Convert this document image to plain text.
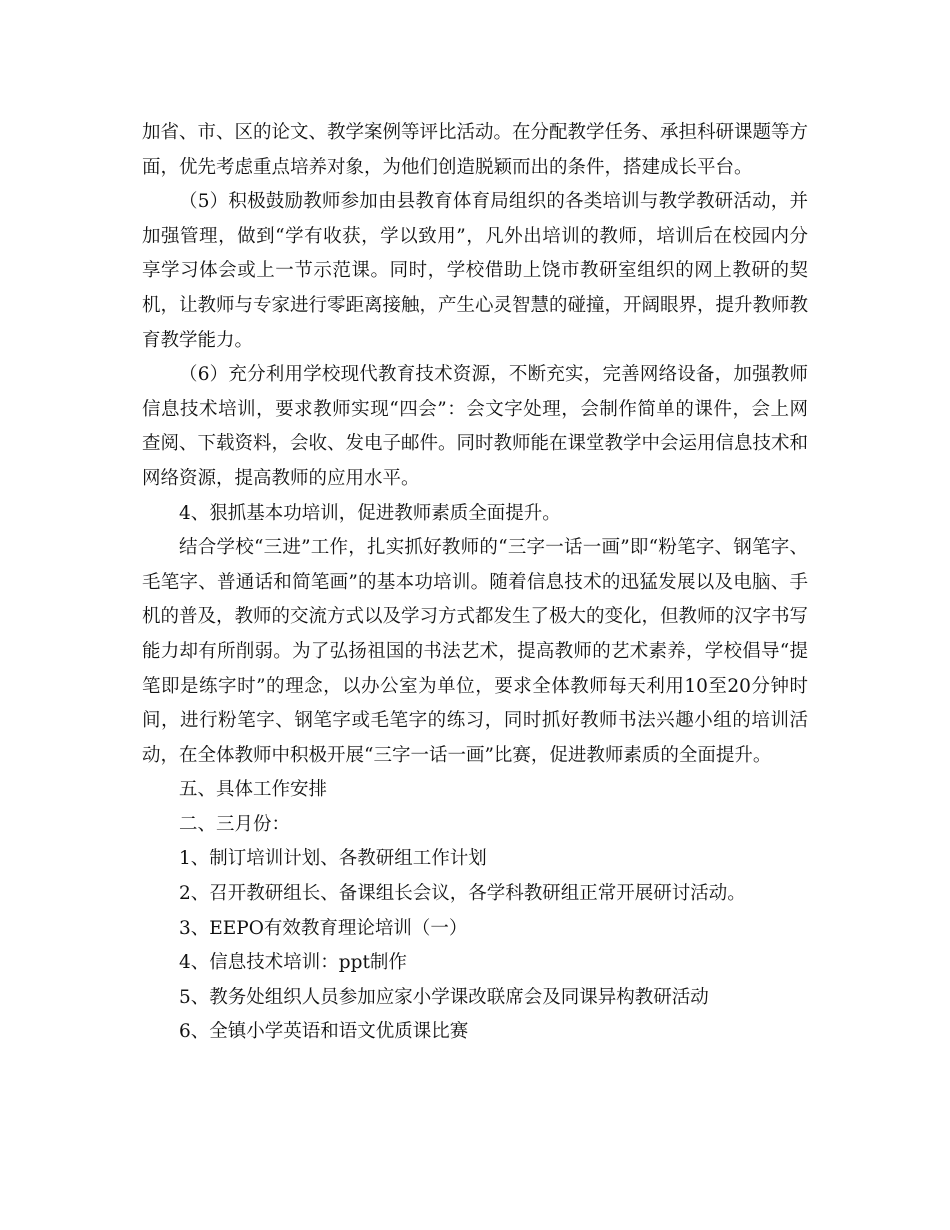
加省、市、区的论文、教学案例等评比活动。在分配教学任务、承担科研课题等方面，优先考虑重点培养对象，为他们创造脱颖而出的条件，搭建成长平台。

（5）积极鼓励教师参加由县教育体育局组织的各类培训与教学教研活动，并加强管理，做到“学有收获，学以致用”，凡外出培训的教师，培训后在校园内分享学习体会或上一节示范课。同时，学校借助上饶市教研室组织的网上教研的契机，让教师与专家进行零距离接触，产生心灵智慧的碰撞，开阔眼界，提升教师教育教学能力。

（6）充分利用学校现代教育技术资源，不断充实，完善网络设备，加强教师信息技术培训，要求教师实现“四会”：会文字处理，会制作简单的课件，会上网查阅、下载资料，会收、发电子邮件。同时教师能在课堂教学中会运用信息技术和网络资源，提高教师的应用水平。

4、狠抓基本功培训，促进教师素质全面提升。

结合学校“三进”工作，扎实抓好教师的“三字一话一画”即“粉笔字、钢笔字、毛笔字、普通话和简笔画”的基本功培训。随着信息技术的迅猛发展以及电脑、手机的普及，教师的交流方式以及学习方式都发生了极大的变化，但教师的汉字书写能力却有所削弱。为了弘扬祖国的书法艺术，提高教师的艺术素养，学校倡导“提笔即是练字时”的理念，以办公室为单位，要求全体教师每天利用10至20分钟时间，进行粉笔字、钢笔字或毛笔字的练习，同时抓好教师书法兴趣小组的培训活动，在全体教师中积极开展“三字一话一画”比赛，促进教师素质的全面提升。

五、具体工作安排

二、三月份：

1、制订培训计划、各教研组工作计划

2、召开教研组长、备课组长会议，各学科教研组正常开展研讨活动。

3、EEPO有效教育理论培训（一）

4、信息技术培训：ppt制作

5、教务处组织人员参加应家小学课改联席会及同课异构教研活动

6、全镇小学英语和语文优质课比赛
